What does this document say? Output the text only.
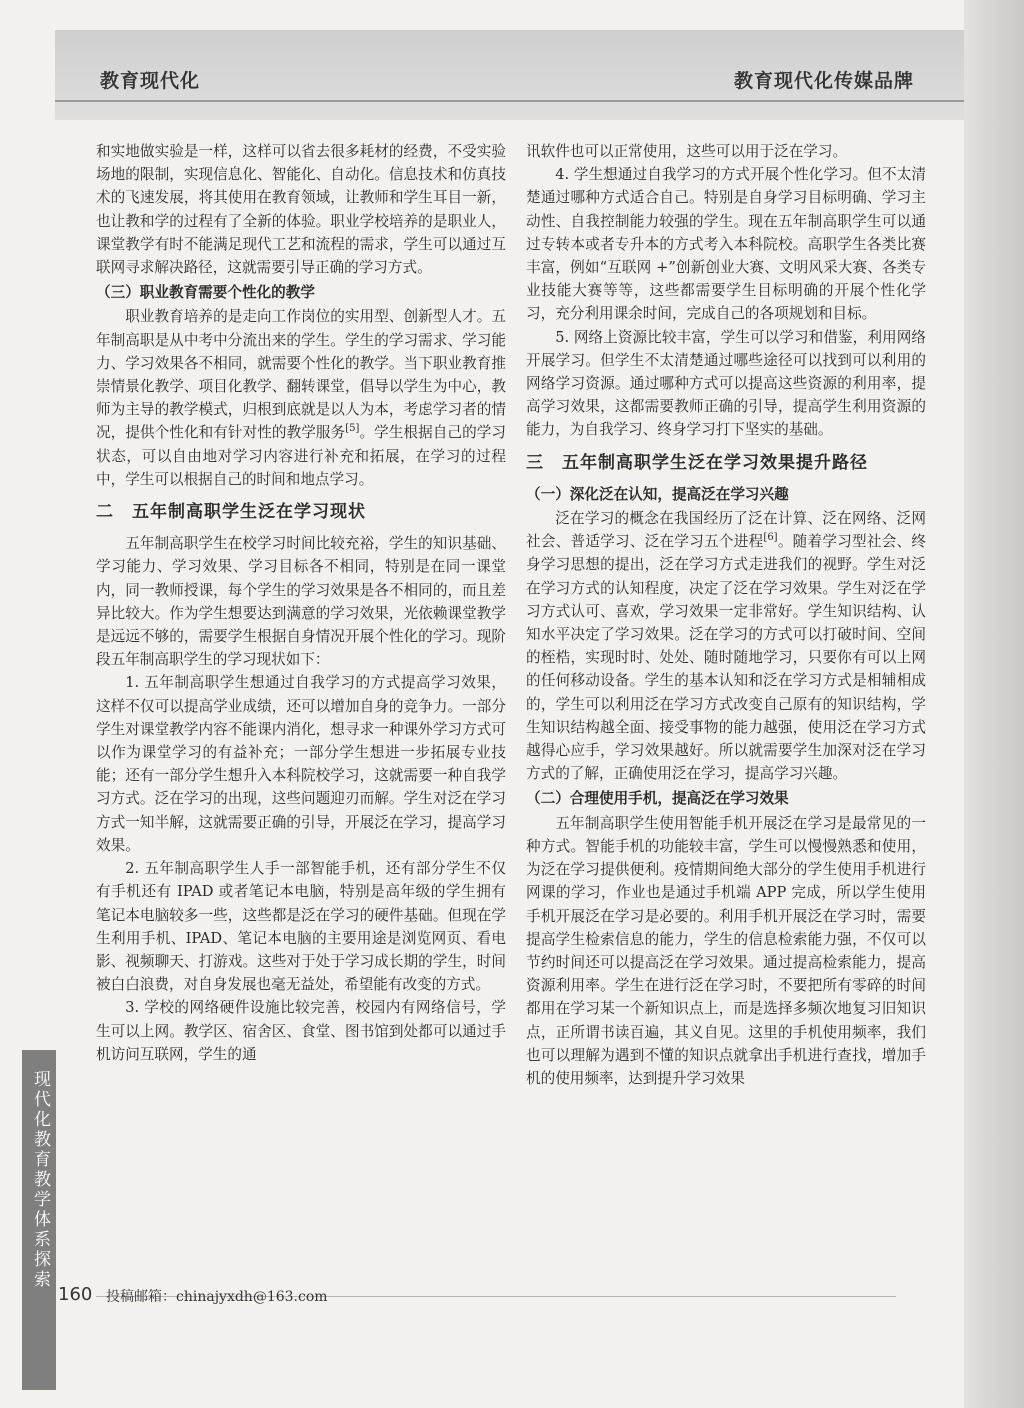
教育现代化	教育现代化传媒品牌

和实地做实验是一样，这样可以省去很多耗材的经费，不受实验场地的限制，实现信息化、智能化、自动化。信息技术和仿真技术的飞速发展，将其使用在教育领域，让教师和学生耳目一新，也让教和学的过程有了全新的体验。职业学校培养的是职业人，课堂教学有时不能满足现代工艺和流程的需求，学生可以通过互联网寻求解决路径，这就需要引导正确的学习方式。

（三）职业教育需要个性化的教学

职业教育培养的是走向工作岗位的实用型、创新型人才。五年制高职是从中考中分流出来的学生。学生的学习需求、学习能力、学习效果各不相同，就需要个性化的教学。当下职业教育推崇情景化教学、项目化教学、翻转课堂，倡导以学生为中心，教师为主导的教学模式，归根到底就是以人为本，考虑学习者的情况，提供个性化和有针对性的教学服务[5]。学生根据自己的学习状态，可以自由地对学习内容进行补充和拓展，在学习的过程中，学生可以根据自己的时间和地点学习。

二　五年制高职学生泛在学习现状

五年制高职学生在校学习时间比较充裕，学生的知识基础、学习能力、学习效果、学习目标各不相同，特别是在同一课堂内，同一教师授课，每个学生的学习效果是各不相同的，而且差异比较大。作为学生想要达到满意的学习效果，光依赖课堂教学是远远不够的，需要学生根据自身情况开展个性化的学习。现阶段五年制高职学生的学习现状如下：

1. 五年制高职学生想通过自我学习的方式提高学习效果，这样不仅可以提高学业成绩，还可以增加自身的竞争力。一部分学生对课堂教学内容不能课内消化，想寻求一种课外学习方式可以作为课堂学习的有益补充；一部分学生想进一步拓展专业技能；还有一部分学生想升入本科院校学习，这就需要一种自我学习方式。泛在学习的出现，这些问题迎刃而解。学生对泛在学习方式一知半解，这就需要正确的引导，开展泛在学习，提高学习效果。

2. 五年制高职学生人手一部智能手机，还有部分学生不仅有手机还有 IPAD 或者笔记本电脑，特别是高年级的学生拥有笔记本电脑较多一些，这些都是泛在学习的硬件基础。但现在学生利用手机、IPAD、笔记本电脑的主要用途是浏览网页、看电影、视频聊天、打游戏。这些对于处于学习成长期的学生，时间被白白浪费，对自身发展也毫无益处，希望能有改变的方式。

3. 学校的网络硬件设施比较完善，校园内有网络信号，学生可以上网。教学区、宿舍区、食堂、图书馆到处都可以通过手机访问互联网，学生的通

讯软件也可以正常使用，这些可以用于泛在学习。

4. 学生想通过自我学习的方式开展个性化学习。但不太清楚通过哪种方式适合自己。特别是自身学习目标明确、学习主动性、自我控制能力较强的学生。现在五年制高职学生可以通过专转本或者专升本的方式考入本科院校。高职学生各类比赛丰富，例如“互联网 +”创新创业大赛、文明风采大赛、各类专业技能大赛等等，这些都需要学生目标明确的开展个性化学习，充分利用课余时间，完成自己的各项规划和目标。

5. 网络上资源比较丰富，学生可以学习和借鉴，利用网络开展学习。但学生不太清楚通过哪些途径可以找到可以利用的网络学习资源。通过哪种方式可以提高这些资源的利用率，提高学习效果，这都需要教师正确的引导，提高学生利用资源的能力，为自我学习、终身学习打下坚实的基础。

三　五年制高职学生泛在学习效果提升路径
（一）深化泛在认知，提高泛在学习兴趣

泛在学习的概念在我国经历了泛在计算、泛在网络、泛网社会、普适学习、泛在学习五个进程[6]。随着学习型社会、终身学习思想的提出，泛在学习方式走进我们的视野。学生对泛在学习方式的认知程度，决定了泛在学习效果。学生对泛在学习方式认可、喜欢，学习效果一定非常好。学生知识结构、认知水平决定了学习效果。泛在学习的方式可以打破时间、空间的桎梏，实现时时、处处、随时随地学习，只要你有可以上网的任何移动设备。学生的基本认知和泛在学习方式是相辅相成的，学生可以利用泛在学习方式改变自己原有的知识结构，学生知识结构越全面、接受事物的能力越强，使用泛在学习方式越得心应手，学习效果越好。所以就需要学生加深对泛在学习方式的了解，正确使用泛在学习，提高学习兴趣。

（二）合理使用手机，提高泛在学习效果

五年制高职学生使用智能手机开展泛在学习是最常见的一种方式。智能手机的功能较丰富，学生可以慢慢熟悉和使用，为泛在学习提供便利。疫情期间绝大部分的学生使用手机进行网课的学习，作业也是通过手机端 APP 完成，所以学生使用手机开展泛在学习是必要的。利用手机开展泛在学习时，需要提高学生检索信息的能力，学生的信息检索能力强，不仅可以节约时间还可以提高泛在学习效果。通过提高检索能力，提高资源利用率。学生在进行泛在学习时，不要把所有零碎的时间都用在学习某一个新知识点上，而是选择多频次地复习旧知识点，正所谓书读百遍，其义自见。这里的手机使用频率，我们也可以理解为遇到不懂的知识点就拿出手机进行查找，增加手机的使用频率，达到提升学习效果

现代化教育教学体系探索
160 投稿邮箱：chinajyxdh@163.com
